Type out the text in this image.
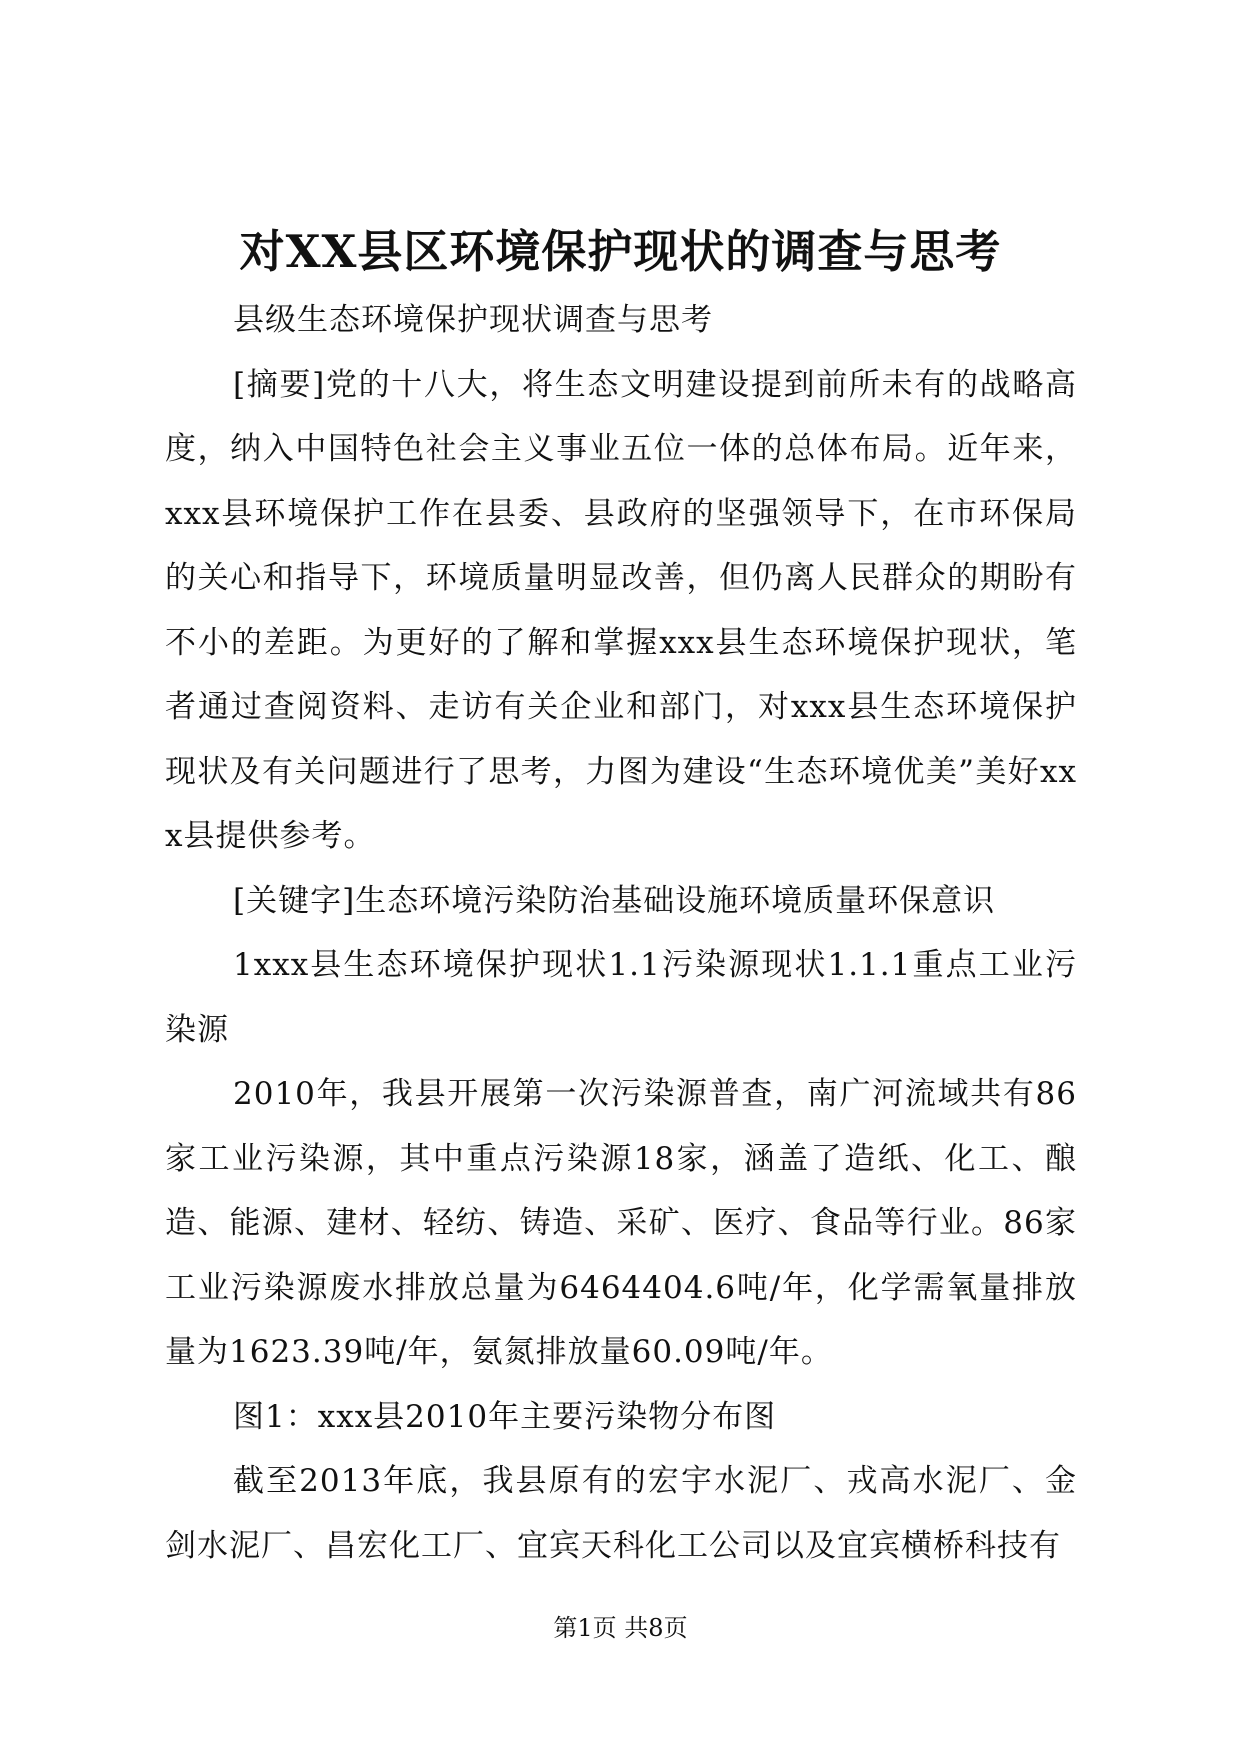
对XX县区环境保护现状的调查与思考

县级生态环境保护现状调查与思考

[摘要]党的十八大，将生态文明建设提到前所未有的战略高度，纳入中国特色社会主义事业五位一体的总体布局。近年来，xxx县环境保护工作在县委、县政府的坚强领导下，在市环保局的关心和指导下，环境质量明显改善，但仍离人民群众的期盼有不小的差距。为更好的了解和掌握xxx县生态环境保护现状，笔者通过查阅资料、走访有关企业和部门，对xxx县生态环境保护现状及有关问题进行了思考，力图为建设“生态环境优美”美好xxx县提供参考。

[关键字]生态环境污染防治基础设施环境质量环保意识

1xxx县生态环境保护现状1.1污染源现状1.1.1重点工业污染源

2010年，我县开展第一次污染源普查，南广河流域共有86家工业污染源，其中重点污染源18家，涵盖了造纸、化工、酿造、能源、建材、轻纺、铸造、采矿、医疗、食品等行业。86家工业污染源废水排放总量为6464404.6吨/年，化学需氧量排放量为1623.39吨/年，氨氮排放量60.09吨/年。

图1：xxx县2010年主要污染物分布图

截至2013年底，我县原有的宏宇水泥厂、戎高水泥厂、金剑水泥厂、昌宏化工厂、宜宾天科化工公司以及宜宾横桥科技有

第1页 共8页
